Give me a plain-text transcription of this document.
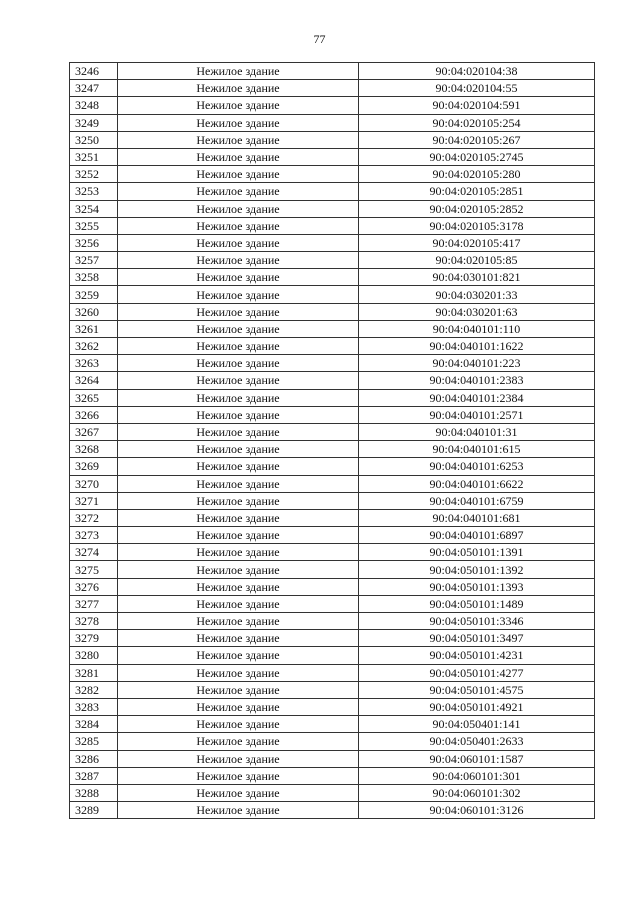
77
3246	Нежилое здание	90:04:020104:38
3247	Нежилое здание	90:04:020104:55
3248	Нежилое здание	90:04:020104:591
3249	Нежилое здание	90:04:020105:254
3250	Нежилое здание	90:04:020105:267
3251	Нежилое здание	90:04:020105:2745
3252	Нежилое здание	90:04:020105:280
3253	Нежилое здание	90:04:020105:2851
3254	Нежилое здание	90:04:020105:2852
3255	Нежилое здание	90:04:020105:3178
3256	Нежилое здание	90:04:020105:417
3257	Нежилое здание	90:04:020105:85
3258	Нежилое здание	90:04:030101:821
3259	Нежилое здание	90:04:030201:33
3260	Нежилое здание	90:04:030201:63
3261	Нежилое здание	90:04:040101:110
3262	Нежилое здание	90:04:040101:1622
3263	Нежилое здание	90:04:040101:223
3264	Нежилое здание	90:04:040101:2383
3265	Нежилое здание	90:04:040101:2384
3266	Нежилое здание	90:04:040101:2571
3267	Нежилое здание	90:04:040101:31
3268	Нежилое здание	90:04:040101:615
3269	Нежилое здание	90:04:040101:6253
3270	Нежилое здание	90:04:040101:6622
3271	Нежилое здание	90:04:040101:6759
3272	Нежилое здание	90:04:040101:681
3273	Нежилое здание	90:04:040101:6897
3274	Нежилое здание	90:04:050101:1391
3275	Нежилое здание	90:04:050101:1392
3276	Нежилое здание	90:04:050101:1393
3277	Нежилое здание	90:04:050101:1489
3278	Нежилое здание	90:04:050101:3346
3279	Нежилое здание	90:04:050101:3497
3280	Нежилое здание	90:04:050101:4231
3281	Нежилое здание	90:04:050101:4277
3282	Нежилое здание	90:04:050101:4575
3283	Нежилое здание	90:04:050101:4921
3284	Нежилое здание	90:04:050401:141
3285	Нежилое здание	90:04:050401:2633
3286	Нежилое здание	90:04:060101:1587
3287	Нежилое здание	90:04:060101:301
3288	Нежилое здание	90:04:060101:302
3289	Нежилое здание	90:04:060101:3126
